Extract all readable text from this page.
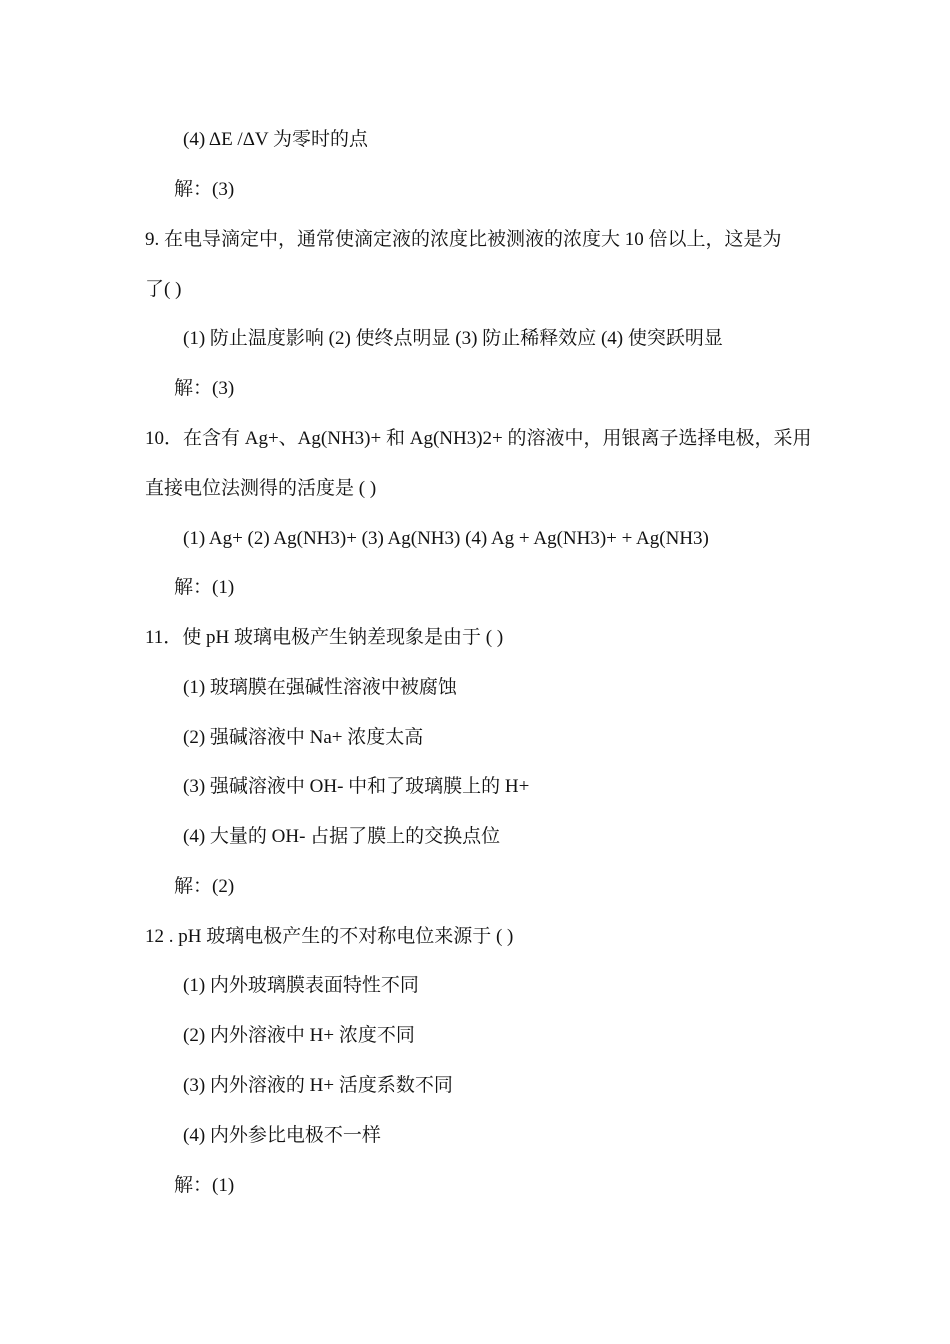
(4) ΔE /ΔV 为零时的点
解：(3)
9. 在电导滴定中，通常使滴定液的浓度比被测液的浓度大 10 倍以上，这是为
了( )
(1) 防止温度影响 (2) 使终点明显 (3) 防止稀释效应 (4) 使突跃明显
解：(3)
10．在含有 Ag+、Ag(NH3)+ 和 Ag(NH3)2+ 的溶液中，用银离子选择电极，采用
直接电位法测得的活度是 ( )
(1) Ag+ (2) Ag(NH3)+ (3) Ag(NH3) (4) Ag + Ag(NH3)+ + Ag(NH3)
解：(1)
11．使 pH 玻璃电极产生钠差现象是由于 ( )
(1) 玻璃膜在强碱性溶液中被腐蚀
(2) 强碱溶液中 Na+ 浓度太高
(3) 强碱溶液中 OH- 中和了玻璃膜上的 H+
(4) 大量的 OH- 占据了膜上的交换点位
解：(2)
12 . pH 玻璃电极产生的不对称电位来源于 ( )
(1) 内外玻璃膜表面特性不同
(2) 内外溶液中 H+ 浓度不同
(3) 内外溶液的 H+ 活度系数不同
(4) 内外参比电极不一样
解：(1)
